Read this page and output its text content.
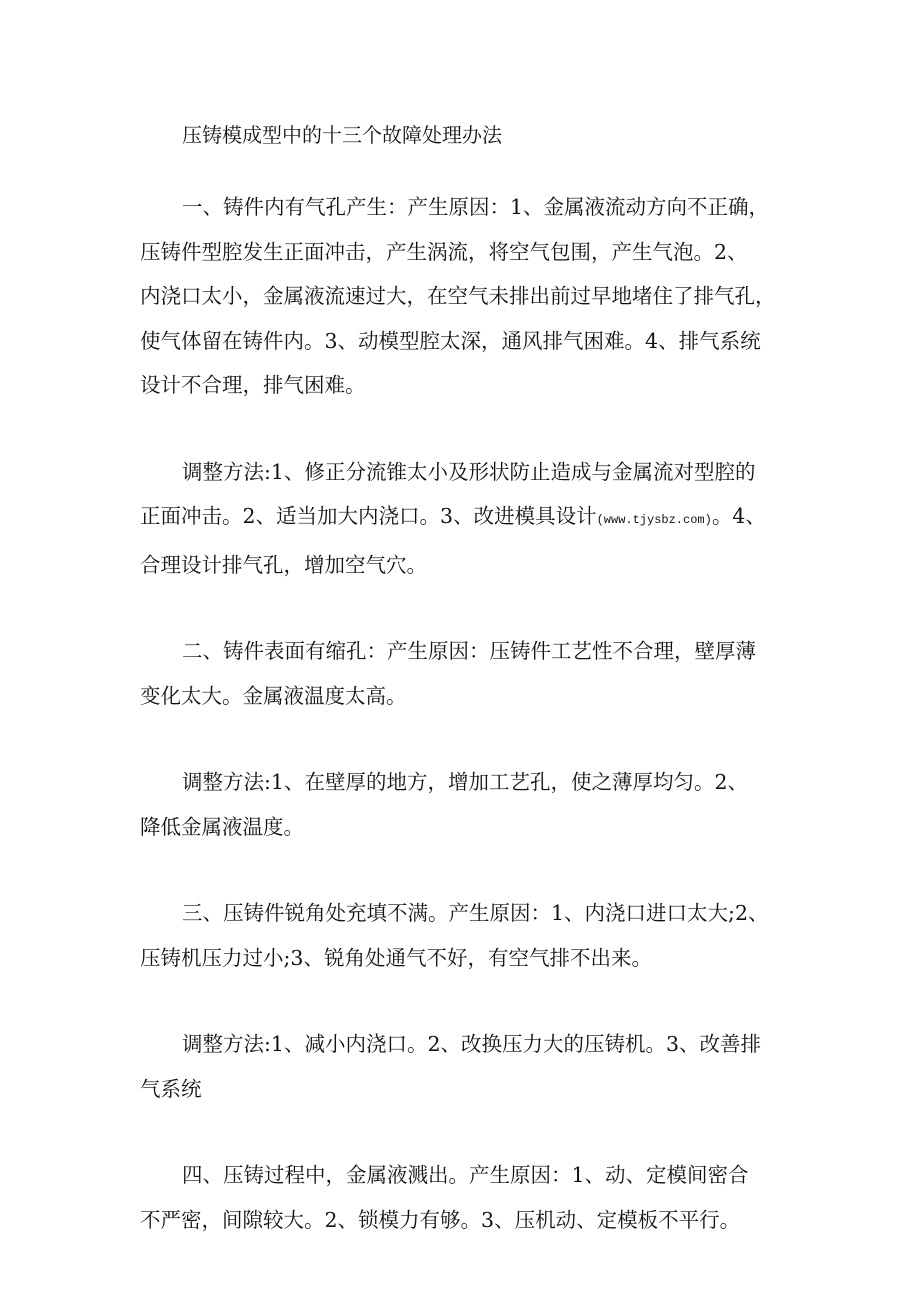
压铸模成型中的十三个故障处理办法
一、铸件内有气孔产生：产生原因：1、金属液流动方向不正确，
压铸件型腔发生正面冲击，产生涡流，将空气包围，产生气泡。2、
内浇口太小，金属液流速过大，在空气未排出前过早地堵住了排气孔，
使气体留在铸件内。3、动模型腔太深，通风排气困难。4、排气系统
设计不合理，排气困难。
调整方法:1、修正分流锥太小及形状防止造成与金属流对型腔的
正面冲击。2、适当加大内浇口。3、改进模具设计(www.tjysbz.com)。4、
合理设计排气孔，增加空气穴。
二、铸件表面有缩孔：产生原因：压铸件工艺性不合理，壁厚薄
变化太大。金属液温度太高。
调整方法:1、在壁厚的地方，增加工艺孔，使之薄厚均匀。2、
降低金属液温度。
三、压铸件锐角处充填不满。产生原因：1、内浇口进口太大;2、
压铸机压力过小;3、锐角处通气不好，有空气排不出来。
调整方法:1、减小内浇口。2、改换压力大的压铸机。3、改善排
气系统
四、压铸过程中，金属液溅出。产生原因：1、动、定模间密合
不严密，间隙较大。2、锁模力有够。3、压机动、定模板不平行。
